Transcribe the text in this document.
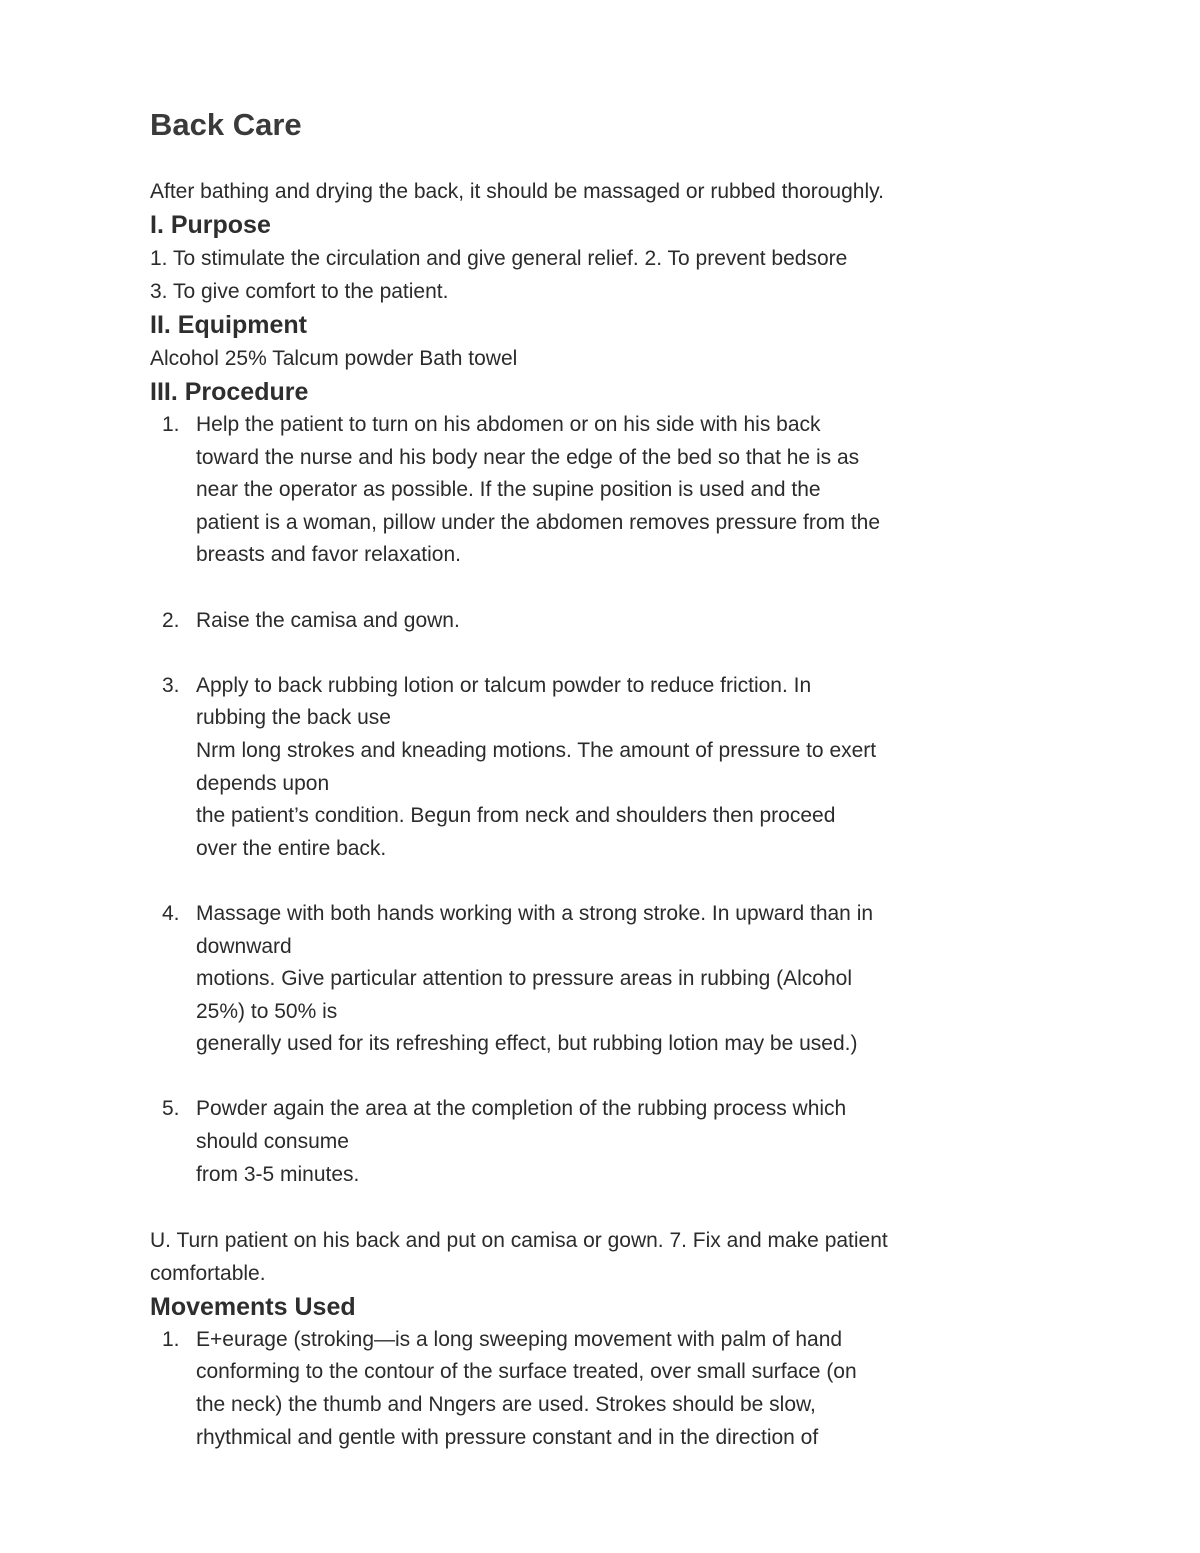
Back Care

After bathing and drying the back, it should be massaged or rubbed thoroughly.

I. Purpose

1. To stimulate the circulation and give general relief. 2. To prevent bedsore

3. To give comfort to the patient.

II. Equipment

Alcohol 25% Talcum powder Bath towel

III. Procedure
1. Help the patient to turn on his abdomen or on his side with his back
toward the nurse and his body near the edge of the bed so that he is as
near the operator as possible. If the supine position is used and the
patient is a woman, pillow under the abdomen removes pressure from the
breasts and favor relaxation.
2. Raise the camisa and gown.
3. Apply to back rubbing lotion or talcum powder to reduce friction. In
rubbing the back use
Nrm long strokes and kneading motions. The amount of pressure to exert
depends upon
the patient’s condition. Begun from neck and shoulders then proceed
over the entire back.
4. Massage with both hands working with a strong stroke. In upward than in
downward
motions. Give particular attention to pressure areas in rubbing (Alcohol
25%) to 50% is
generally used for its refreshing effect, but rubbing lotion may be used.)
5. Powder again the area at the completion of the rubbing process which
should consume
from 3-5 minutes.

U. Turn patient on his back and put on camisa or gown. 7. Fix and make patient

comfortable.

Movements Used
1. E+eurage (stroking—is a long sweeping movement with palm of hand
conforming to the contour of the surface treated, over small surface (on
the neck) the thumb and Nngers are used. Strokes should be slow,
rhythmical and gentle with pressure constant and in the direction of
